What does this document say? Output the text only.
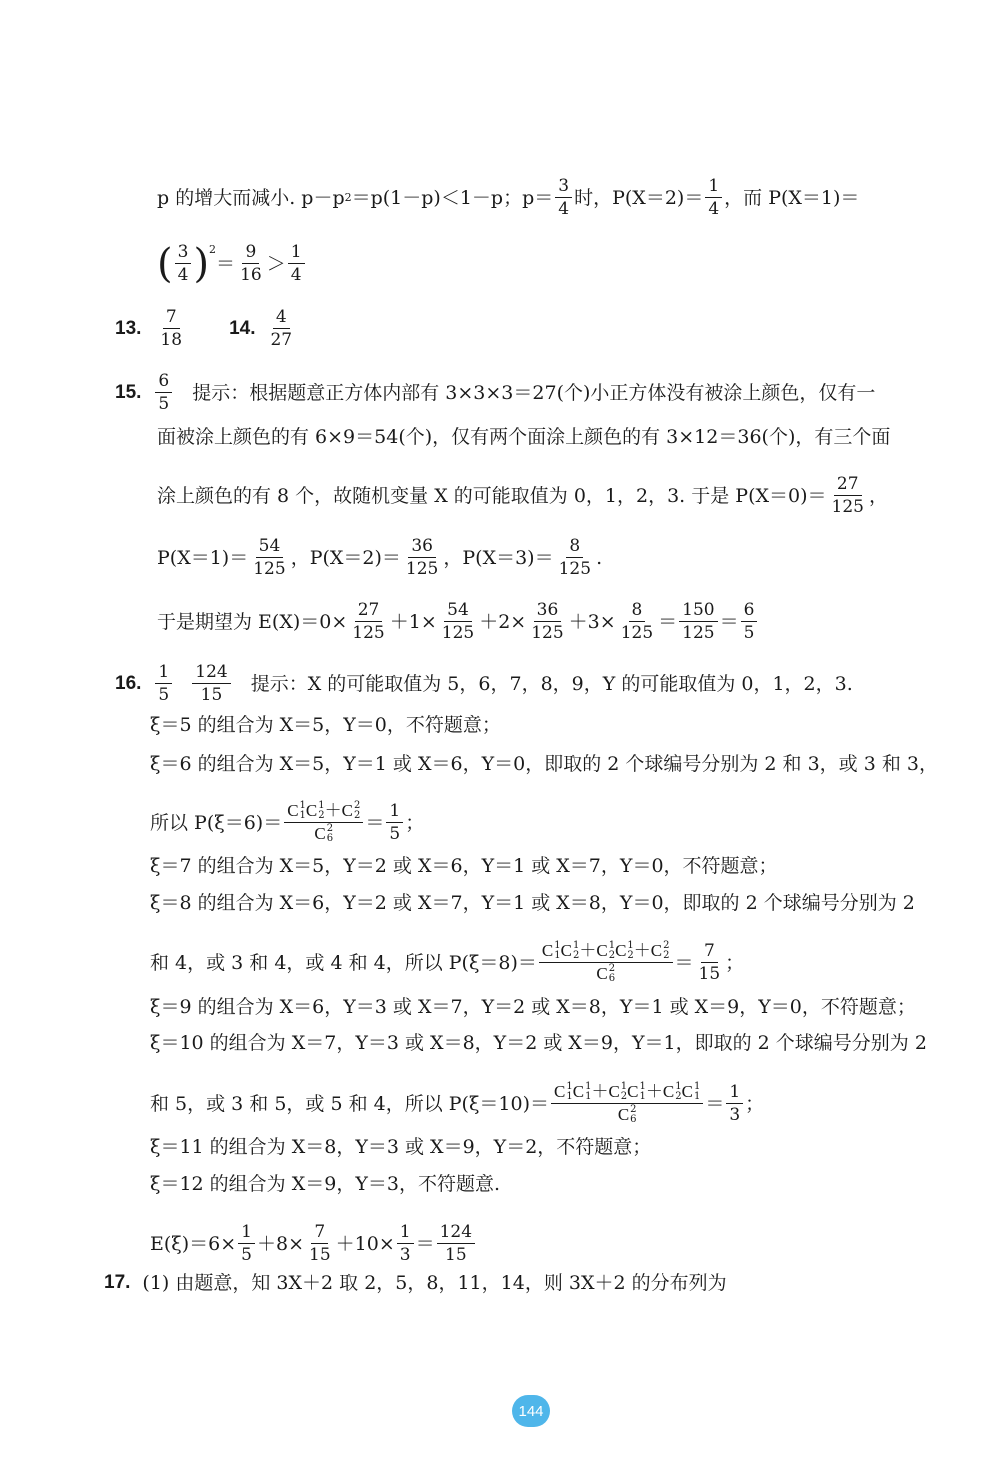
p 的增大而减小. p－p 2 ＝p(1－p)＜1－p；$p= \frac{3}{4}$ 时，$P(X=2)= \frac{1}{4}$ ，而 P(X＝1)＝
( $\frac{3}{4} )^2$
＝ $\frac{9}{16} > \frac{1}{4}$
13. $\frac{7}{18} 14$. $\frac{4}{27}$
15. $\frac{6}{5}$ 提示：根据题意正方体内部有 3×3×3＝27(个)小正方体没有被涂上颜色，仅有一
面被涂上颜色的有 6×9＝54(个)，仅有两个面涂上颜色的有 3×12＝36(个)，有三个面
涂上颜色的有 8 个，故随机变量 X 的可能取值为 0，1，2，3. 于是 $P(X=0)= \frac{27}{125}$ ，
$P(X=1)= \frac{54}{125}$ ，$P(X=2)= \frac{36}{125}$ ，$P(X=3)= \frac{8}{125}$ .
于是期望为 $E(X)=0\times \frac{27}{125} +1\times \frac{54}{125} +2\times \frac{36}{125} +3\times \frac{8}{125} = \frac{150}{125} = \frac{6}{5}$
16. $\frac{1}{5} \frac{124}{15}$ 提示：X 的可能取值为 5，6，7，8，9，Y 的可能取值为 0，1，2，3.
ξ＝5 的组合为 X＝5，Y＝0，不符题意；
ξ＝6 的组合为 X＝5，Y＝1 或 X＝6，Y＝0，即取的 2 个球编号分别为 2 和 3，或 3 和 3，
所以 P(ξ＝6)＝ C 1
1 C 1
2 ＋ C 2
2
C 2
$6 = \frac{1}{5}$ ；
ξ＝7 的组合为 X＝5，Y＝2 或 X＝6，Y＝1 或 X＝7，Y＝0，不符题意；
ξ＝8 的组合为 X＝6，Y＝2 或 X＝7，Y＝1 或 X＝8，Y＝0，即取的 2 个球编号分别为 2
和 4，或 3 和 4，或 4 和 4，所以 P(ξ＝8)＝ C 1
1 C 1
2 ＋ C 1
2 C 1
2 ＋ C 2
2
C 2
$6 = \frac{7}{15}$ ；
ξ＝9 的组合为 X＝6，Y＝3 或 X＝7，Y＝2 或 X＝8，Y＝1 或 X＝9，Y＝0，不符题意；
ξ＝10 的组合为 X＝7，Y＝3 或 X＝8，Y＝2 或 X＝9，Y＝1，即取的 2 个球编号分别为 2
和 5，或 3 和 5，或 5 和 4，所以 P(ξ＝10)＝ C 1
1 C 1
1 ＋ C 1
2 C 1
1 ＋ C 1
2 C 1
1
C 2
$6 = \frac{1}{3}$ ；
ξ＝11 的组合为 X＝8，Y＝3 或 X＝9，Y＝2，不符题意；
ξ＝12 的组合为 X＝9，Y＝3，不符题意.
$E(\xi)=6\times \frac{1}{5} +8\times \frac{7}{15} +10\times \frac{1}{3} = \frac{124}{15}$
17. (1) 由题意，知 3X＋2 取 2，5，8，11，14，则 3X＋2 的分布列为
144
